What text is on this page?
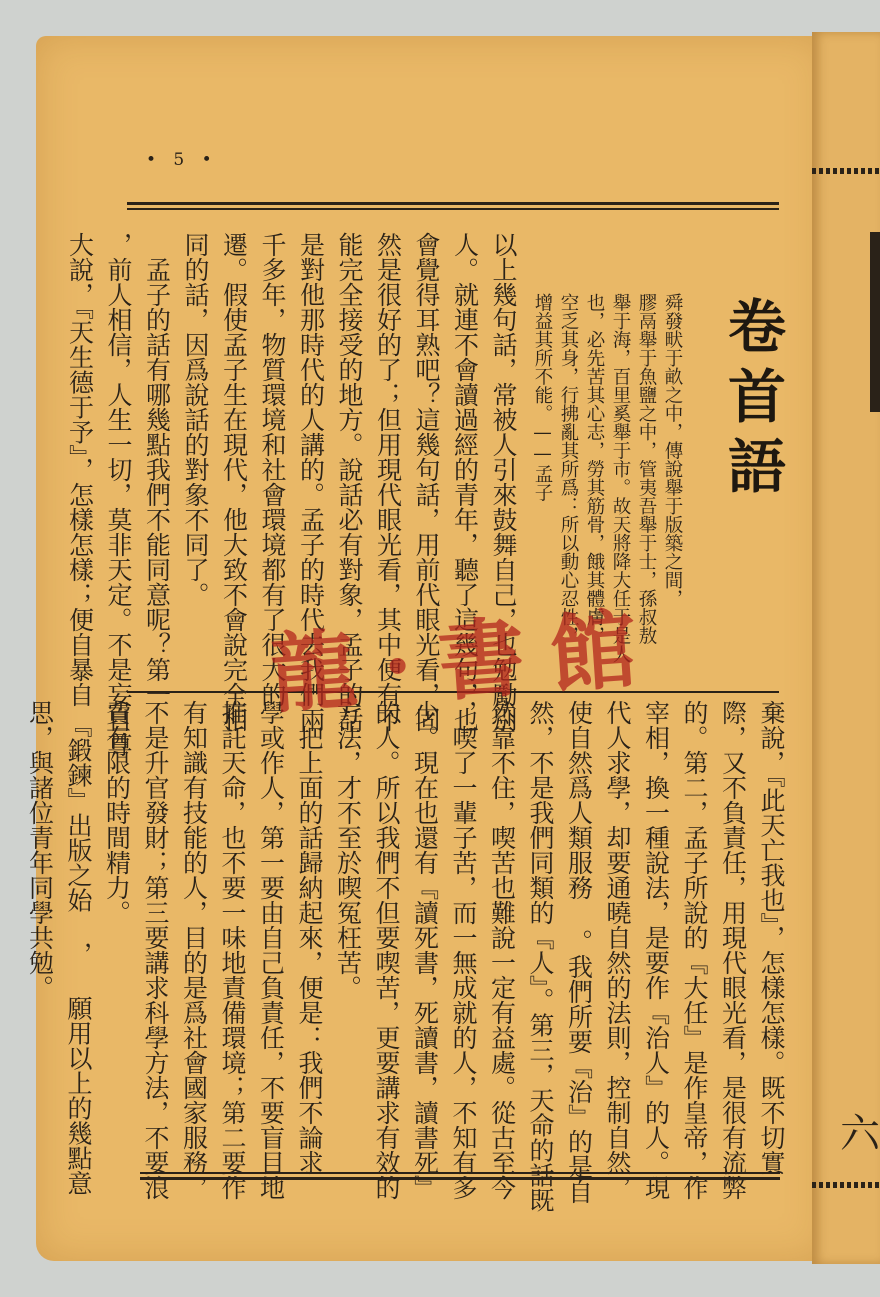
六
• 5 •
卷首語
舜發畎于畝之中，傳說舉于版築之間，
膠鬲舉于魚鹽之中，管夷吾舉于士，孫叔敖
舉于海，百里奚舉于市。故天將降大任于是人
也，必先苦其心志，勞其筋骨，餓其體膚，
空乏其身，行拂亂其所爲：所以動心忍性，
增益其所不能。——孟子
以上幾句話，常被人引來鼓舞自己，也勉勵別
人。就連不會讀過經的青年，聽了這幾句，也
會覺得耳熟吧？這幾句話，用前代眼光看，固
然是很好的了；但用現代眼光看，其中便有不
能完全接受的地方。說話必有對象，孟子的話
是對他那時代的人講的。孟子的時代去我們兩
千多年，物質環境和社會環境都有了很大的
遷。假使孟子生在現代，他大致不會說完全相
同的話，因爲說話的對象不同了。
　孟子的話有哪幾點我們不能同意呢？第一
，前人相信，人生一切，莫非天定。不是妄自尊
大說，『天生德于予』，怎樣怎樣；便自暴自
棄說，『此天亡我也』，怎樣怎樣。既不切實
際，又不負責任，用現代眼光看，是很有流弊
的。第二，孟子所說的『大任』是作皇帝，作
宰相，換一種說法，是要作『治人』的人。現
代人求學，却要通曉自然的法則，控制自然，
使自然爲人類服務 。我們所要『治』的是自
然，不是我們同類的『人』。第三，天命的話既
然靠不住，喫苦也難說一定有益處。從古至今
，喫了一輩子苦，而一無成就的人，不知有多
少。現在也還有『讀死書，死讀書，讀書死』
的人。所以我們不但要喫苦，更要講求有效的
方法，才不至於喫冤枉苦。
　把上面的話歸納起來，便是：我們不論求
學或作人，第一要由自己負責任，不要盲目地
推託天命，也不要一味地責備環境；第二要作
有知識有技能的人，目的是爲社會國家服務，
不是升官發財；第三要講求科學方法，不要浪
費有限的時間精力。
　『鍛鍊』出版之始 ， 願用以上的幾點意
思，與諸位青年同學共勉。
龍·書館
